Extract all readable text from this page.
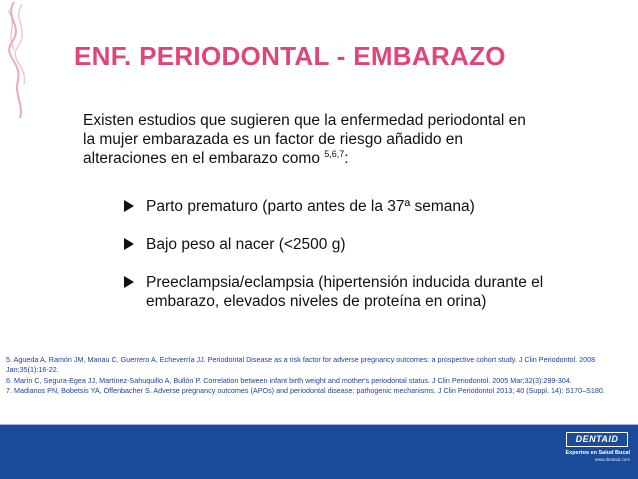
ENF. PERIODONTAL - EMBARAZO
Existen estudios que sugieren que la enfermedad periodontal en
la mujer embarazada es un factor de riesgo añadido en
alteraciones en el embarazo como $^{5,6,7}$:
Parto prematuro (parto antes de la 37ª semana)
Bajo peso al nacer (<2500 g)
Preeclampsia/eclampsia (hipertensión inducida durante el embarazo, elevados niveles de proteína en orina)
5. Agueda A, Ramón JM, Manau C, Guerrero A, Echeverría JJ. Periodontal Disease as a risk factor for adverse pregnancy outcomes: a prospective cohort study. J Clin Periodontol. 2008 Jan;35(1):16-22.
6. Marín C, Segura-Egea JJ, Martínez-Sahuquillo A, Bullón P. Correlation between infant birth weight and mother's periodontal status. J Clin Periodontol. 2005 Mar;32(3):299-304.
7. Madianos PN, Bobetsis YA, Offenbacher S. Adverse pregnancy outcomes (APOs) and periodontal disease: pathogenic mechanisms. J Clin Periodontol 2013; 40 (Suppl. 14): S170–S180.
DENTAID
Expertos en Salud Bucal
www.dentaid.com
